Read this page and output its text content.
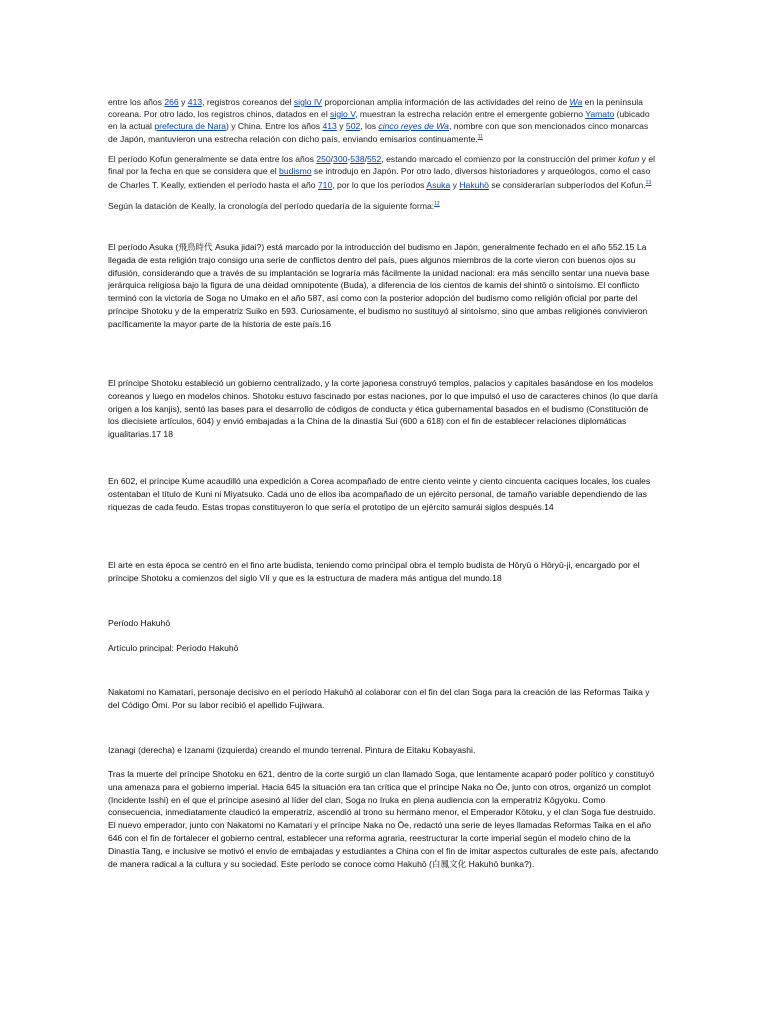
entre los años 266 y 413, registros coreanos del siglo IV proporcionan amplia información de las actividades del reino de Wa en la península coreana. Por otro lado, los registros chinos, datados en el siglo V, muestran la estrecha relación entre el emergente gobierno Yamato (ubicado en la actual prefectura de Nara) y China. Entre los años 413 y 502, los cinco reyes de Wa, nombre con que son mencionados cinco monarcas de Japón, mantuvieron una estrecha relación con dicho país, enviando emisarios continuamente.$^{11}$

El período Kofun generalmente se data entre los años 250/300-538/552, estando marcado el comienzo por la construcción del primer kofun y el final por la fecha en que se considera que el budismo se introdujo en Japón. Por otro lado, diversos historiadores y arqueólogos, como el caso de Charles T. Keally, extienden el período hasta el año 710, por lo que los períodos Asuka y Hakuhō se considerarían subperíodos del Kofun.$^{13}$

Según la datación de Keally, la cronología del período quedaría de la siguiente forma:$^{12}$

El período Asuka (飛鳥時代 Asuka jidai?) está marcado por la introducción del budismo en Japón, generalmente fechado en el año 552.15 La llegada de esta religión trajo consigo una serie de conflictos dentro del país, pues algunos miembros de la corte vieron con buenos ojos su difusión, considerando que a través de su implantación se lograría más fácilmente la unidad nacional: era más sencillo sentar una nueva base jerárquica religiosa bajo la figura de una deidad omnipotente (Buda), a diferencia de los cientos de kamis del shintō o sintoísmo. El conflicto terminó con la victoria de Soga no Umako en el año 587, así como con la posterior adopción del budismo como religión oficial por parte del príncipe Shotoku y de la emperatriz Suiko en 593. Curiosamente, el budismo no sustituyó al sintoísmo, sino que ambas religiones convivieron pacíficamente la mayor parte de la historia de este país.16

El príncipe Shotoku estableció un gobierno centralizado, y la corte japonesa construyó templos, palacios y capitales basándose en los modelos coreanos y luego en modelos chinos. Shotoku estuvo fascinado por estas naciones, por lo que impulsó el uso de caracteres chinos (lo que daría origen a los kanjis), sentó las bases para el desarrollo de códigos de conducta y ética gubernamental basados en el budismo (Constitución de los diecisiete artículos, 604) y envió embajadas a la China de la dinastía Sui (600 a 618) con el fin de establecer relaciones diplomáticas igualitarias.17 18

En 602, el príncipe Kume acaudilló una expedición a Corea acompañado de entre ciento veinte y ciento cincuenta caciques locales, los cuales ostentaban el título de Kuni ni Miyatsuko. Cada uno de ellos iba acompañado de un ejército personal, de tamaño variable dependiendo de las riquezas de cada feudo. Estas tropas constituyeron lo que sería el prototipo de un ejército samurái siglos después.14

El arte en esta época se centró en el fino arte budista, teniendo como principal obra el templo budista de Hōryū o Hōryū-ji, encargado por el príncipe Shotoku a comienzos del siglo VII y que es la estructura de madera más antigua del mundo.18

Período Hakuhō

Artículo principal: Período Hakuhō

Nakatomi no Kamatari, personaje decisivo en el período Hakuhō al colaborar con el fin del clan Soga para la creación de las Reformas Taika y del Código Ōmi. Por su labor recibió el apellido Fujiwara.

Izanagi (derecha) e Izanami (izquierda) creando el mundo terrenal. Pintura de Eitaku Kobayashi.

Tras la muerte del príncipe Shotoku en 621, dentro de la corte surgió un clan llamado Soga, que lentamente acaparó poder político y constituyó una amenaza para el gobierno imperial. Hacia 645 la situación era tan crítica que el príncipe Naka no Ōe, junto con otros, organizó un complot (Incidente Isshi) en el que el príncipe asesinó al líder del clan, Soga no Iruka en plena audiencia con la emperatriz Kōgyoku. Como consecuencia, inmediatamente claudicó la emperatriz, ascendió al trono su hermano menor, el Emperador Kōtoku, y el clan Soga fue destruido. El nuevo emperador, junto con Nakatomi no Kamatari y el príncipe Naka no Ōe, redactó una serie de leyes llamadas Reformas Taika en el año 646 con el fin de fortalecer el gobierno central, establecer una reforma agraria, reestructurar la corte imperial según el modelo chino de la Dinastía Tang, e inclusive se motivó el envío de embajadas y estudiantes a China con el fin de imitar aspectos culturales de este país, afectando de manera radical a la cultura y su sociedad. Este período se conoce como Hakuhō (白鳳文化 Hakuhō bunka?).
